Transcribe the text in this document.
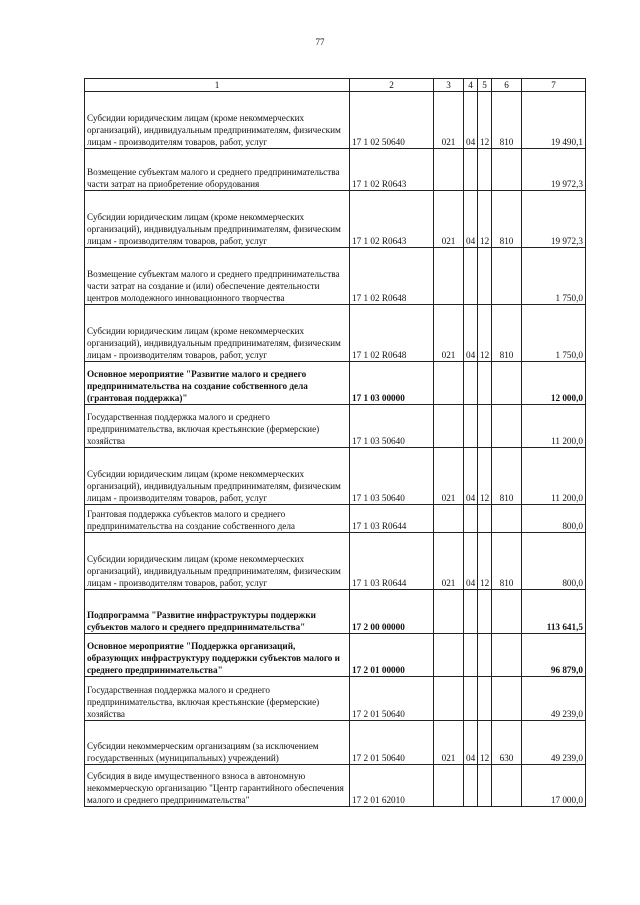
77
1	2	3	4	5	6	7
Субсидии юридическим лицам (кроме некоммерческих организаций), индивидуальным предпринимателям, физическим лицам - производителям товаров, работ, услуг	17 1 02 50640	021	04	12	810	19 490,1
Возмещение субъектам малого и среднего предпринимательства части затрат на приобретение оборудования	17 1 02 R0643					19 972,3
Субсидии юридическим лицам (кроме некоммерческих организаций), индивидуальным предпринимателям, физическим лицам - производителям товаров, работ, услуг	17 1 02 R0643	021	04	12	810	19 972,3
Возмещение субъектам малого и среднего предпринимательства части затрат на создание и (или) обеспечение деятельности центров молодежного инновационного творчества	17 1 02 R0648					1 750,0
Субсидии юридическим лицам (кроме некоммерческих организаций), индивидуальным предпринимателям, физическим лицам - производителям товаров, работ, услуг	17 1 02 R0648	021	04	12	810	1 750,0
Основное мероприятие "Развитие малого и среднего предпринимательства на создание собственного дела (грантовая поддержка)"	17 1 03 00000					12 000,0
Государственная поддержка малого и среднего предпринимательства, включая крестьянские (фермерские) хозяйства	17 1 03 50640					11 200,0
Субсидии юридическим лицам (кроме некоммерческих организаций), индивидуальным предпринимателям, физическим лицам - производителям товаров, работ, услуг	17 1 03 50640	021	04	12	810	11 200,0
Грантовая поддержка субъектов малого и среднего предпринимательства на создание собственного дела	17 1 03 R0644					800,0
Субсидии юридическим лицам (кроме некоммерческих организаций), индивидуальным предпринимателям, физическим лицам - производителям товаров, работ, услуг	17 1 03 R0644	021	04	12	810	800,0
Подпрограмма "Развитие инфраструктуры поддержки субъектов малого и среднего предпринимательства"	17 2 00 00000					113 641,5
Основное мероприятие "Поддержка организаций, образующих инфраструктуру поддержки субъектов малого и среднего предпринимательства"	17 2 01 00000					96 879,0
Государственная поддержка малого и среднего предпринимательства, включая крестьянские (фермерские) хозяйства	17 2 01 50640					49 239,0
Субсидии некоммерческим организациям (за исключением государственных (муниципальных) учреждений)	17 2 01 50640	021	04	12	630	49 239,0
Субсидия в виде имущественного взноса в автономную некоммерческую организацию "Центр гарантийного обеспечения малого и среднего предпринимательства"	17 2 01 62010					17 000,0
